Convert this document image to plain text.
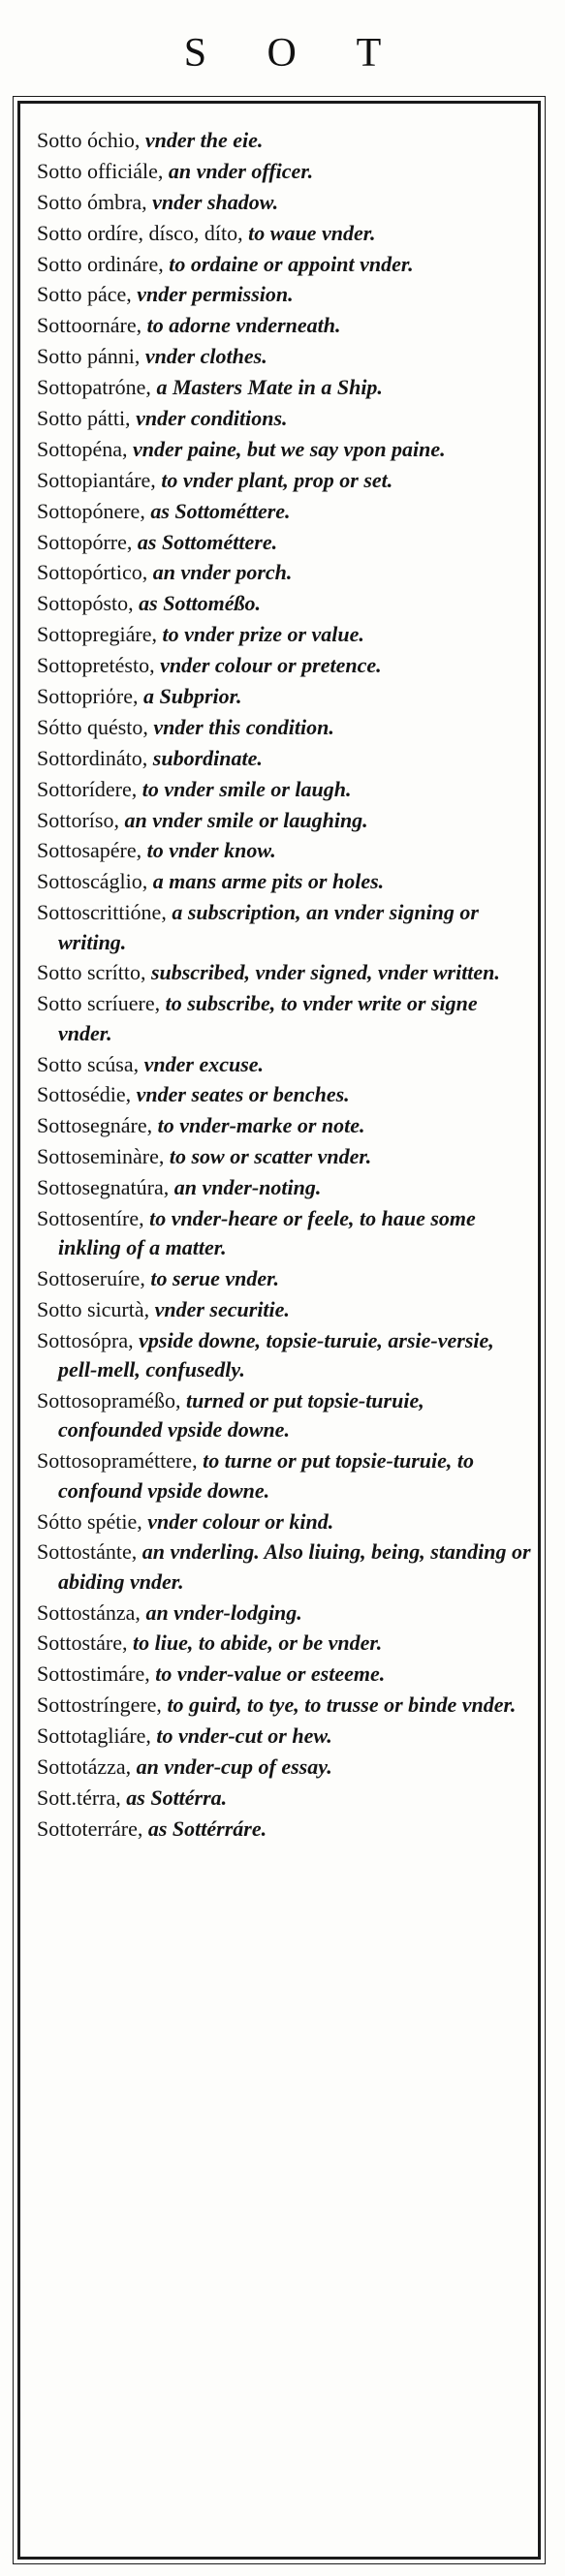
S O T
Sotto óchio, vnder the eie.
Sotto officiále, an vnder officer.
Sotto ómbra, vnder shadow.
Sotto ordíre, dísco, díto, to waue vnder.
Sotto ordináre, to ordaine or appoint vnder.
Sotto páce, vnder permission.
Sottoornáre, to adorne vnderneath.
Sotto pánni, vnder clothes.
Sottopatróne, a Masters Mate in a Ship.
Sotto pátti, vnder conditions.
Sottopéna, vnder paine, but we say vpon paine.
Sottopiantáre, to vnder plant, prop or set.
Sottopónere, as Sottométtere.
Sottopórre, as Sottométtere.
Sottopórtico, an vnder porch.
Sottopósto, as Sottoméßo.
Sottopregiáre, to vnder prize or value.
Sottopretésto, vnder colour or pretence.
Sottopriόre, a Subprior.
Sótto quésto, vnder this condition.
Sottordináto, subordinate.
Sottorídere, to vnder smile or laugh.
Sottoríso, an vnder smile or laughing.
Sottosapére, to vnder know.
Sottoscáglio, a mans arme pits or holes.
Sottoscrittióne, a subscription, an vnder signing or writing.
Sotto scrítto, subscribed, vnder signed, vnder written.
Sotto scríuere, to subscribe, to vnder write or signe vnder.
Sotto scúsa, vnder excuse.
Sottosédie, vnder seates or benches.
Sottosegnáre, to vnder-marke or note.
Sottoseminàre, to sow or scatter vnder.
Sottosegnatúra, an vnder-noting.
Sottosentíre, to vnder-heare or feele, to haue some inkling of a matter.
Sottoseruíre, to serue vnder.
Sotto sicurtà, vnder securitie.
Sottosópra, vpside downe, topsie-turuie, arsie-versie, pell-mell, confusedly.
Sottosopraméßo, turned or put topsie-turuie, confounded vpside downe.
Sottosopraméttere, to turne or put topsie-turuie, to confound vpside downe.
Sótto spétie, vnder colour or kind.
Sottostánte, an vnderling. Also liuing, being, standing or abiding vnder.
Sottostánza, an vnder-lodging.
Sottostáre, to liue, to abide, or be vnder.
Sottostimáre, to vnder-value or esteeme.
Sottostríngere, to guird, to tye, to trusse or binde vnder.
Sottotagliáre, to vnder-cut or hew.
Sottotázza, an vnder-cup of essay.
Sott.térra, as Sottérra.
Sottoterráre, as Sottérráre.
